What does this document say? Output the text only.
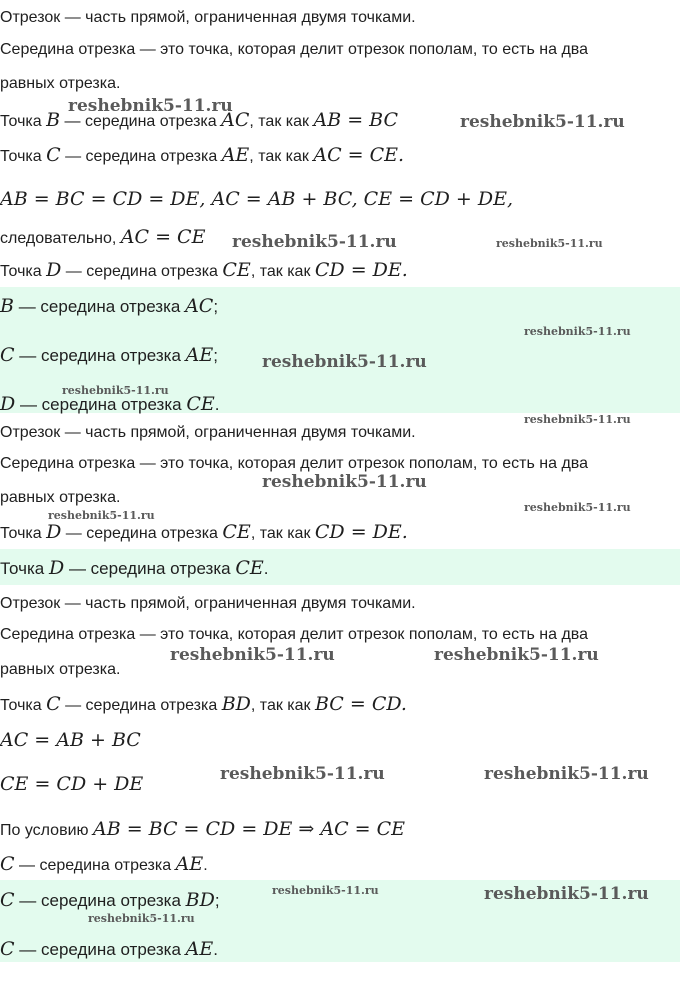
Отрезок — часть прямой, ограниченная двумя точками.
Середина отрезка — это точка, которая делит отрезок пополам, то есть на два
равных отрезка.
Точка B — середина отрезка AC, так как AB = BC
Точка C — середина отрезка AE, так как AC = CE.
AB = BC = CD = DE, AC = AB + BC, CE = CD + DE,
следовательно, AC = CE
Точка D — середина отрезка CE, так как CD = DE.
B — середина отрезка AC;
C — середина отрезка AE;
D — середина отрезка CE.
Отрезок — часть прямой, ограниченная двумя точками.
Середина отрезка — это точка, которая делит отрезок пополам, то есть на два
равных отрезка.
Точка D — середина отрезка CE, так как CD = DE.
Точка D — середина отрезка CE.
Отрезок — часть прямой, ограниченная двумя точками.
Середина отрезка — это точка, которая делит отрезок пополам, то есть на два
равных отрезка.
Точка C — середина отрезка BD, так как BC = CD.
AC = AB + BC
CE = CD + DE
По условию AB = BC = CD = DE ⇒ AC = CE
C — середина отрезка AE.
C — середина отрезка BD;
C — середина отрезка AE.
reshebnik5-11.ru
reshebnik5-11.ru
reshebnik5-11.ru	reshebnik5-11.ru
reshebnik5-11.ru
reshebnik5-11.ru
reshebnik5-11.ru
reshebnik5-11.ru
reshebnik5-11.ru
reshebnik5-11.ru
reshebnik5-11.ru
reshebnik5-11.ru	reshebnik5-11.ru
reshebnik5-11.ru	reshebnik5-11.ru
reshebnik5-11.ru	reshebnik5-11.ru
reshebnik5-11.ru
